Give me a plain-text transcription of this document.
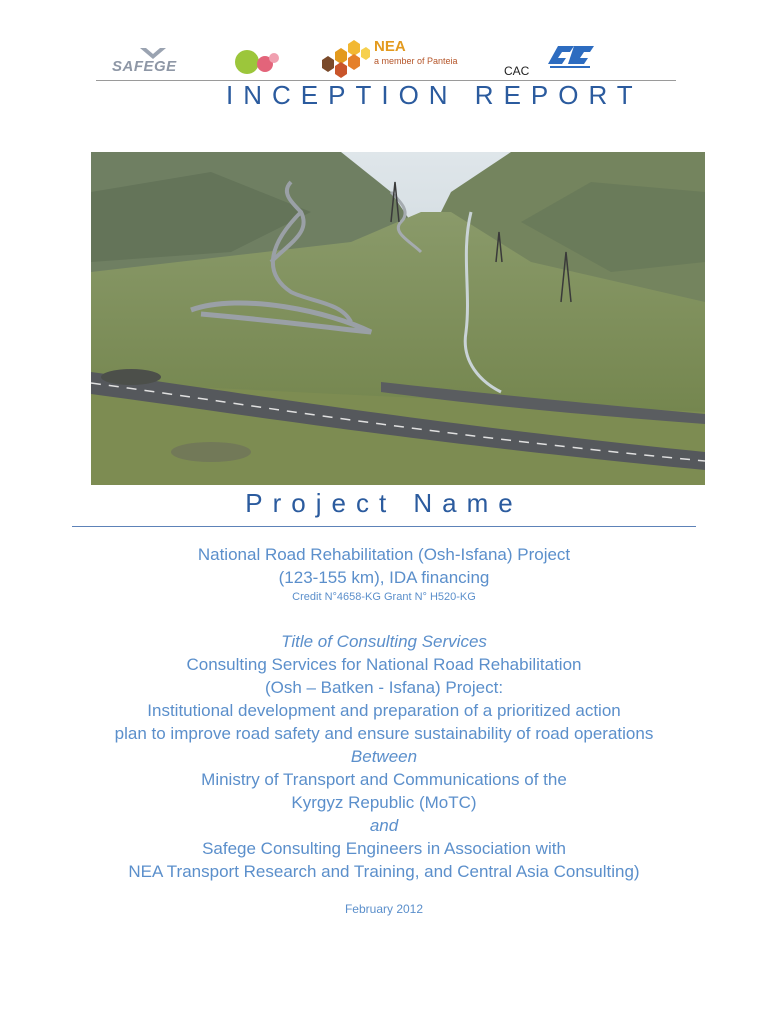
SAFEGE
NEA
a member of Panteia
CAC
INCEPTION REPORT
Project Name
National Road Rehabilitation (Osh-Isfana) Project
(123-155 km), IDA financing
Credit N°4658-KG Grant N° H520-KG
Title of Consulting Services
Consulting Services for National Road Rehabilitation
(Osh – Batken - Isfana) Project:
Institutional development and preparation of a prioritized action
plan to improve road safety and ensure sustainability of road operations
Between
Ministry of Transport and Communications of the
Kyrgyz Republic (MoTC)
and
Safege Consulting Engineers in Association with
NEA Transport Research and Training, and Central Asia Consulting)
February 2012
